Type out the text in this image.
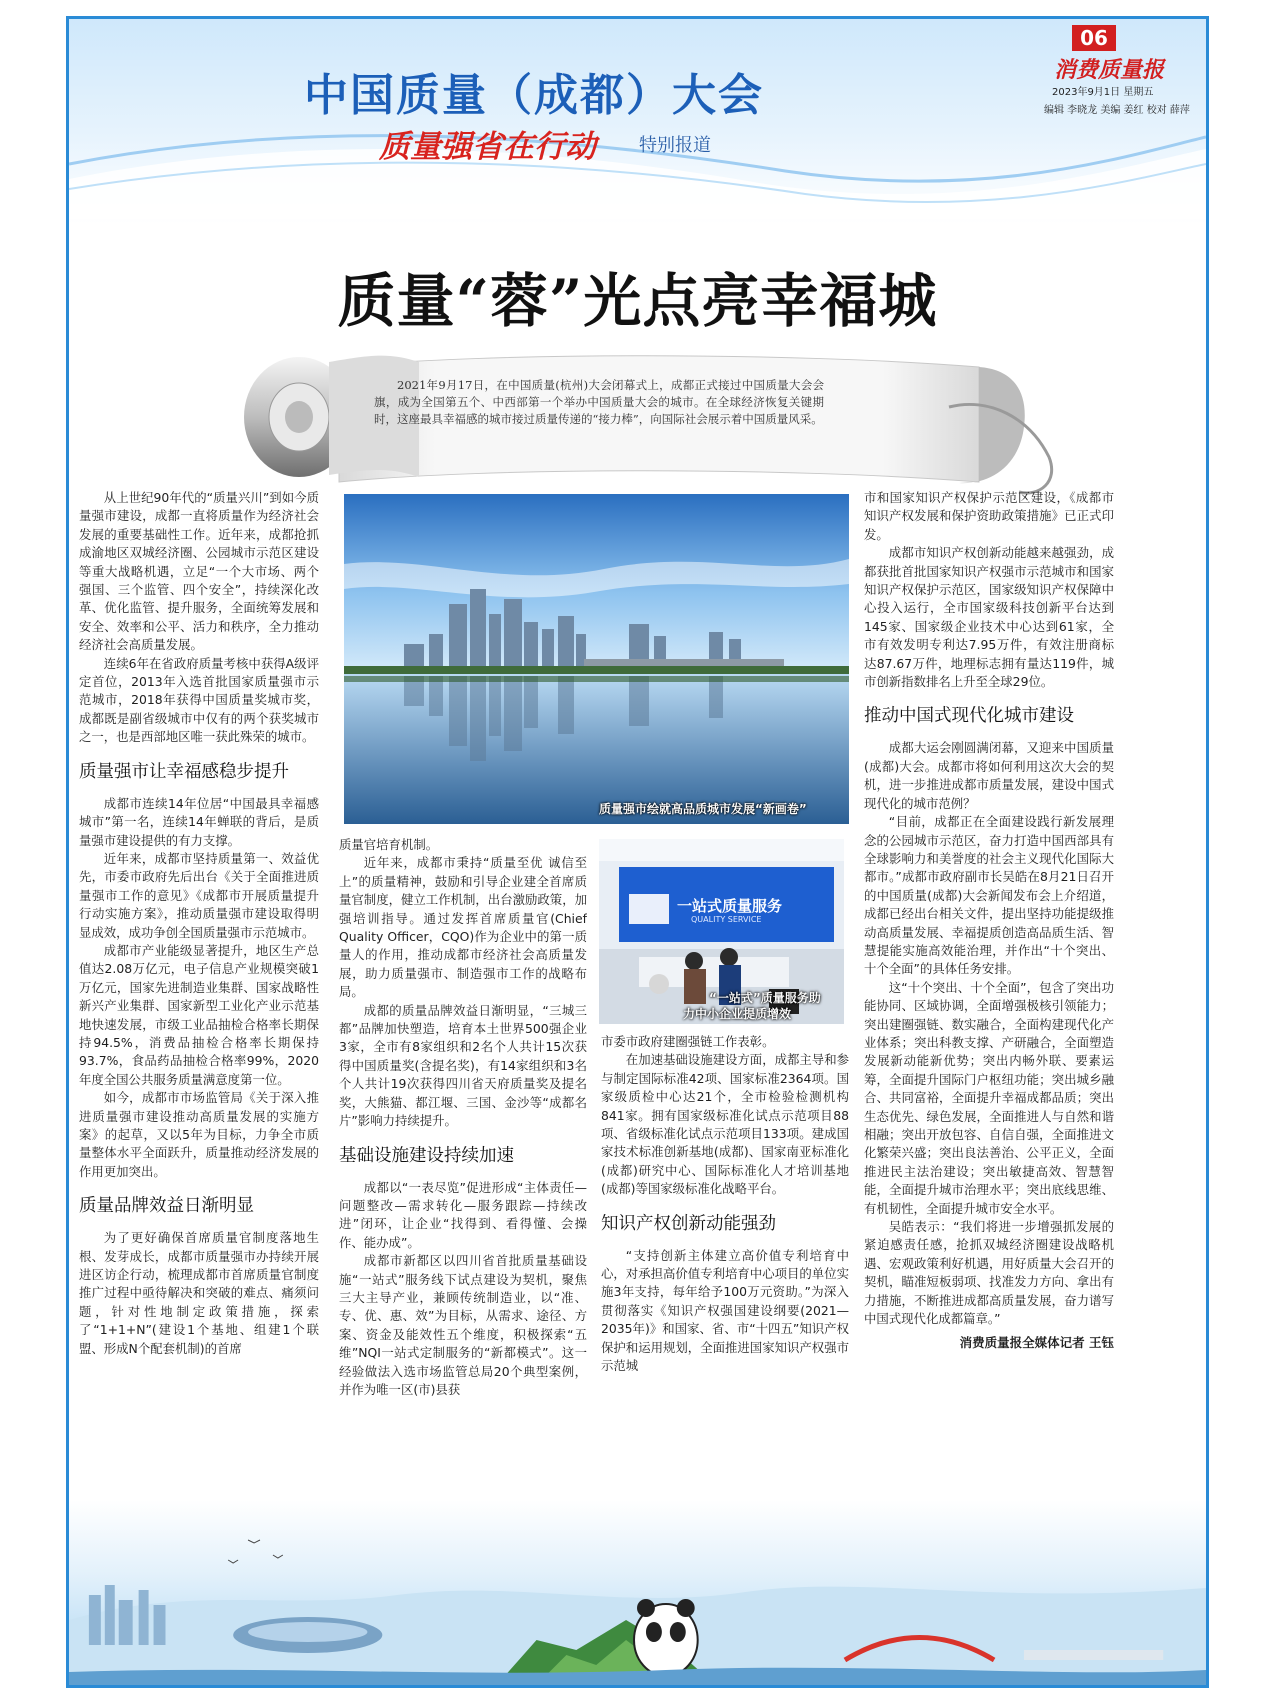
中国质量（成都）大会
质量强省在行动 特别报道
06
消费质量报
2023年9月1日 星期五
编辑 李晓龙 美编 姜红 校对 薛萍
质量“蓉”光点亮幸福城
2021年9月17日，在中国质量(杭州)大会闭幕式上，成都正式接过中国质量大会会旗，成为全国第五个、中西部第一个举办中国质量大会的城市。在全球经济恢复关键期时，这座最具幸福感的城市接过质量传递的“接力棒”，向国际社会展示着中国质量风采。

从上世纪90年代的“质量兴川”到如今质量强市建设，成都一直将质量作为经济社会发展的重要基础性工作。近年来，成都抢抓成渝地区双城经济圈、公园城市示范区建设等重大战略机遇，立足“一个大市场、两个强国、三个监管、四个安全”，持续深化改革、优化监管、提升服务，全面统筹发展和安全、效率和公平、活力和秩序，全力推动经济社会高质量发展。

连续6年在省政府质量考核中获得A级评定首位，2013年入选首批国家质量强市示范城市，2018年获得中国质量奖城市奖，成都既是副省级城市中仅有的两个获奖城市之一，也是西部地区唯一获此殊荣的城市。

质量强市让幸福感稳步提升

成都市连续14年位居“中国最具幸福感城市”第一名，连续14年蝉联的背后，是质量强市建设提供的有力支撑。

近年来，成都市坚持质量第一、效益优先，市委市政府先后出台《关于全面推进质量强市工作的意见》《成都市开展质量提升行动实施方案》，推动质量强市建设取得明显成效，成功争创全国质量强市示范城市。

成都市产业能级显著提升，地区生产总值达2.08万亿元，电子信息产业规模突破1万亿元，国家先进制造业集群、国家战略性新兴产业集群、国家新型工业化产业示范基地快速发展，市级工业品抽检合格率长期保持94.5%，消费品抽检合格率长期保持93.7%，食品药品抽检合格率99%，2020年度全国公共服务质量满意度第一位。

如今，成都市市场监管局《关于深入推进质量强市建设推动高质量发展的实施方案》的起草，又以5年为目标，力争全市质量整体水平全面跃升，质量推动经济发展的作用更加突出。

质量品牌效益日渐明显

为了更好确保首席质量官制度落地生根、发芽成长，成都市质量强市办持续开展进区访企行动，梳理成都市首席质量官制度推广过程中亟待解决和突破的难点、痛须问题，针对性地制定政策措施，探索了“1+1+N”(建设1个基地、组建1个联盟、形成N个配套机制)的首席

质量强市绘就高品质城市发展“新画卷”
一站式质量服务
QUALITY SERVICE
“一站式”质量服务助
力中小企业提质增效

质量官培育机制。

近年来，成都市秉持“质量至优 诚信至上”的质量精神，鼓励和引导企业建全首席质量官制度，健立工作机制，出台激励政策，加强培训指导。通过发挥首席质量官(Chief Quality Officer，CQO)作为企业中的第一质量人的作用，推动成都市经济社会高质量发展，助力质量强市、制造强市工作的战略布局。

成都的质量品牌效益日渐明显，“三城三都”品牌加快塑造，培育本土世界500强企业3家，全市有8家组织和2名个人共计15次获得中国质量奖(含提名奖)，有14家组织和3名个人共计19次获得四川省天府质量奖及提名奖，大熊猫、都江堰、三国、金沙等“成都名片”影响力持续提升。

基础设施建设持续加速

成都以“一表尽览”促进形成“主体责任—问题整改—需求转化—服务跟踪—持续改进”闭环，让企业“找得到、看得懂、会操作、能办成”。

成都市新都区以四川省首批质量基础设施“一站式”服务线下试点建设为契机，聚焦三大主导产业，兼顾传统制造业，以“准、专、优、惠、效”为目标，从需求、途径、方案、资金及能效性五个维度，积极探索“五维”NQI一站式定制服务的“新都模式”。这一经验做法入选市场监管总局20个典型案例，并作为唯一区(市)县获

市委市政府建圈强链工作表彰。

在加速基础设施建设方面，成都主导和参与制定国际标准42项、国家标准2364项。国家级质检中心达21个，全市检验检测机构841家。拥有国家级标准化试点示范项目88项、省级标准化试点示范项目133项。建成国家技术标准创新基地(成都)、国家南亚标准化(成都)研究中心、国际标准化人才培训基地(成都)等国家级标准化战略平台。

知识产权创新动能强劲

“支持创新主体建立高价值专利培育中心，对承担高价值专利培育中心项目的单位实施3年支持，每年给予100万元资助。”为深入贯彻落实《知识产权强国建设纲要(2021—2035年)》和国家、省、市“十四五”知识产权保护和运用规划，全面推进国家知识产权强市示范城

市和国家知识产权保护示范区建设，《成都市知识产权发展和保护资助政策措施》已正式印发。

成都市知识产权创新动能越来越强劲，成都获批首批国家知识产权强市示范城市和国家知识产权保护示范区，国家级知识产权保障中心投入运行，全市国家级科技创新平台达到145家、国家级企业技术中心达到61家，全市有效发明专利达7.95万件，有效注册商标达87.67万件，地理标志拥有量达119件，城市创新指数排名上升至全球29位。

推动中国式现代化城市建设

成都大运会刚圆满闭幕，又迎来中国质量(成都)大会。成都市将如何利用这次大会的契机，进一步推进成都市质量发展，建设中国式现代化的城市范例？

“目前，成都正在全面建设践行新发展理念的公园城市示范区，奋力打造中国西部具有全球影响力和美誉度的社会主义现代化国际大都市。”成都市政府副市长吴皓在8月21日召开的中国质量(成都)大会新闻发布会上介绍道，成都已经出台相关文件，提出坚持功能提级推动高质量发展、幸福提质创造高品质生活、智慧提能实施高效能治理，并作出“十个突出、十个全面”的具体任务安排。

这“十个突出、十个全面”，包含了突出功能协同、区域协调，全面增强极核引领能力；突出建圈强链、数实融合，全面构建现代化产业体系；突出科教支撑、产研融合，全面塑造发展新动能新优势；突出内畅外联、要素运筹，全面提升国际门户枢纽功能；突出城乡融合、共同富裕，全面提升幸福成都品质；突出生态优先、绿色发展，全面推进人与自然和谐相融；突出开放包容、自信自强，全面推进文化繁荣兴盛；突出良法善治、公平正义，全面推进民主法治建设；突出敏捷高效、智慧智能，全面提升城市治理水平；突出底线思维、有机韧性，全面提升城市安全水平。

吴皓表示：“我们将进一步增强抓发展的紧迫感责任感，抢抓双城经济圈建设战略机遇、宏观政策利好机遇，用好质量大会召开的契机，瞄准短板弱项、找准发力方向、拿出有力措施，不断推进成都高质量发展，奋力谱写中国式现代化成都篇章。”

消费质量报全媒体记者 王钰
